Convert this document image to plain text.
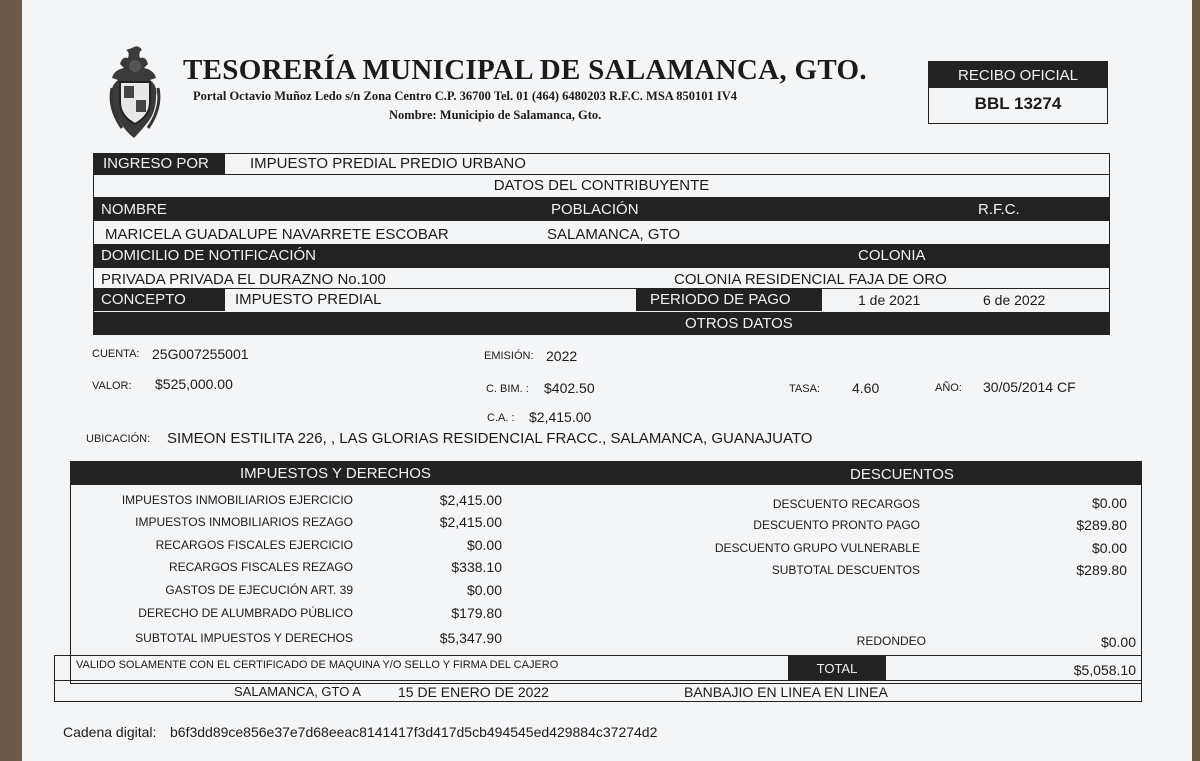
TESORERÍA MUNICIPAL DE SALAMANCA, GTO.
Portal Octavio Muñoz Ledo s/n Zona Centro C.P. 36700 Tel. 01 (464) 6480203 R.F.C. MSA 850101 IV4
Nombre: Municipio de Salamanca, Gto.
RECIBO OFICIAL
BBL 13274
INGRESO POR	IMPUESTO PREDIAL PREDIO URBANO
DATOS DEL CONTRIBUYENTE
NOMBRE	POBLACIÓN	R.F.C.
MARICELA GUADALUPE NAVARRETE ESCOBAR	SALAMANCA, GTO
DOMICILIO DE NOTIFICACIÓN	COLONIA
PRIVADA PRIVADA EL DURAZNO No.100	COLONIA RESIDENCIAL FAJA DE ORO
CONCEPTO	IMPUESTO PREDIAL	PERIODO DE PAGO	1 de 2021	6 de 2022
OTROS DATOS
CUENTA: 25G007255001	EMISIÓN: 2022
VALOR: $525,000.00	C. BIM. : $402.50	TASA: 4.60	AÑO: 30/05/2014 CF
C.A. : $2,415.00
UBICACIÓN: SIMEON ESTILITA 226, , LAS GLORIAS RESIDENCIAL FRACC., SALAMANCA, GUANAJUATO
IMPUESTOS Y DERECHOS	DESCUENTOS
IMPUESTOS INMOBILIARIOS EJERCICIO	$2,415.00
IMPUESTOS INMOBILIARIOS REZAGO	$2,415.00
RECARGOS FISCALES EJERCICIO	$0.00
RECARGOS FISCALES REZAGO	$338.10
GASTOS DE EJECUCIÓN ART. 39	$0.00
DERECHO DE ALUMBRADO PÚBLICO	$179.80
SUBTOTAL IMPUESTOS Y DERECHOS	$5,347.90
DESCUENTO RECARGOS	$0.00
DESCUENTO PRONTO PAGO	$289.80
DESCUENTO GRUPO VULNERABLE	$0.00
SUBTOTAL DESCUENTOS	$289.80
REDONDEO	$0.00
VALIDO SOLAMENTE CON EL CERTIFICADO DE MAQUINA Y/O SELLO Y FIRMA DEL CAJERO	TOTAL	$5,058.10
SALAMANCA, GTO A	15 DE ENERO DE 2022	BANBAJIO EN LINEA EN LINEA
Cadena digital: b6f3dd89ce856e37e7d68eeac8141417f3d417d5cb494545ed429884c37274d2
